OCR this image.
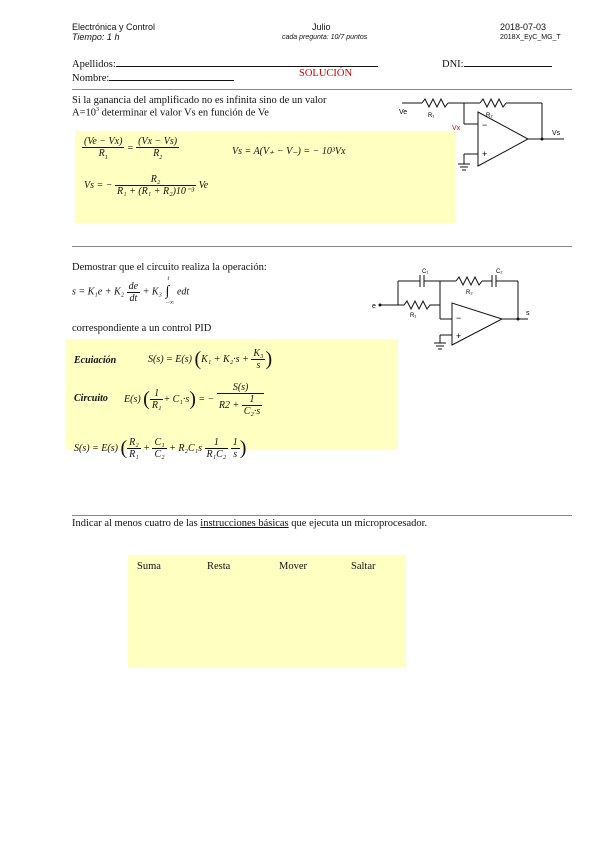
Electrónica y Control
Tiempo: 1 h
Julio
cada pregunta: 10/7 puntos
2018-07-03
2018X_EyC_MG_T
Apellidos:	DNI:
Nombre:	SOLUCIÓN
Si la ganancia del amplificado no es infinita sino de un valor
$A=10^3$ determinar el valor Vs en función de Ve
$\frac{(Ve - Vx)}{R_1} = \frac{(Vx - Vs)}{R_2}$	Vs = A(V₊ − V₋) = − 10³Vx
Vs = − $\frac{\text{R₂}}{\text{R₁ + (R₁ + R₂)10⁻³}}$ Ve
Ve	R₁	R₂
Vx −
+
Vs
Demostrar que el circuito realiza la operación:
$s = K_1e + K_2 \frac{de}{dt} + K_3$
t
∫
−∞
edt
correspondiente a un control PID
Ecuiación	S(s) = E(s) ($K_1 + K_2\cdot s + \frac{\text{K₃}}{s}$ )
Circuito E(s) ( $\frac{1}{\text{R₁}} + C_1\cdot s$) = − $\frac{S(s)}{R2 + \frac{1}{\text{C₂·s}}}$
S(s) = E(s) ( $\frac{\text{R₂}}{\text{R₁}} + \frac{\text{C₁}}{\text{C₂}} + R_2C_1s \frac{1}{\text{R₁C₂}}$
$\frac{1}{s}$ )
e
C₁	C₂
R₁
R₂
−
+
s
Indicar al menos cuatro de las instrucciones básicas que ejecuta un microprocesador.
Suma	Resta	Mover	Saltar
